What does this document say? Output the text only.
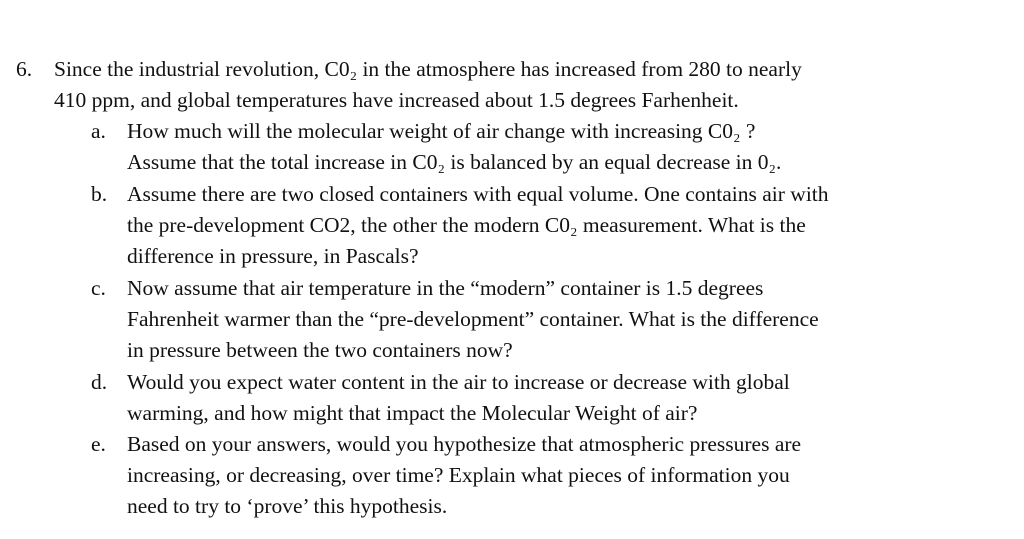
6. Since the industrial revolution, C0₂ in the atmosphere has increased from 280 to nearly
410 ppm, and global temperatures have increased about 1.5 degrees Farhenheit.
a. How much will the molecular weight of air change with increasing C0₂ ?
Assume that the total increase in C0₂ is balanced by an equal decrease in 0₂.
b. Assume there are two closed containers with equal volume. One contains air with
the pre-development CO2, the other the modern C0₂ measurement. What is the
difference in pressure, in Pascals?
c. Now assume that air temperature in the “modern” container is 1.5 degrees
Fahrenheit warmer than the “pre-development” container. What is the difference
in pressure between the two containers now?
d. Would you expect water content in the air to increase or decrease with global
warming, and how might that impact the Molecular Weight of air?
e. Based on your answers, would you hypothesize that atmospheric pressures are
increasing, or decreasing, over time? Explain what pieces of information you
need to try to ‘prove’ this hypothesis.
